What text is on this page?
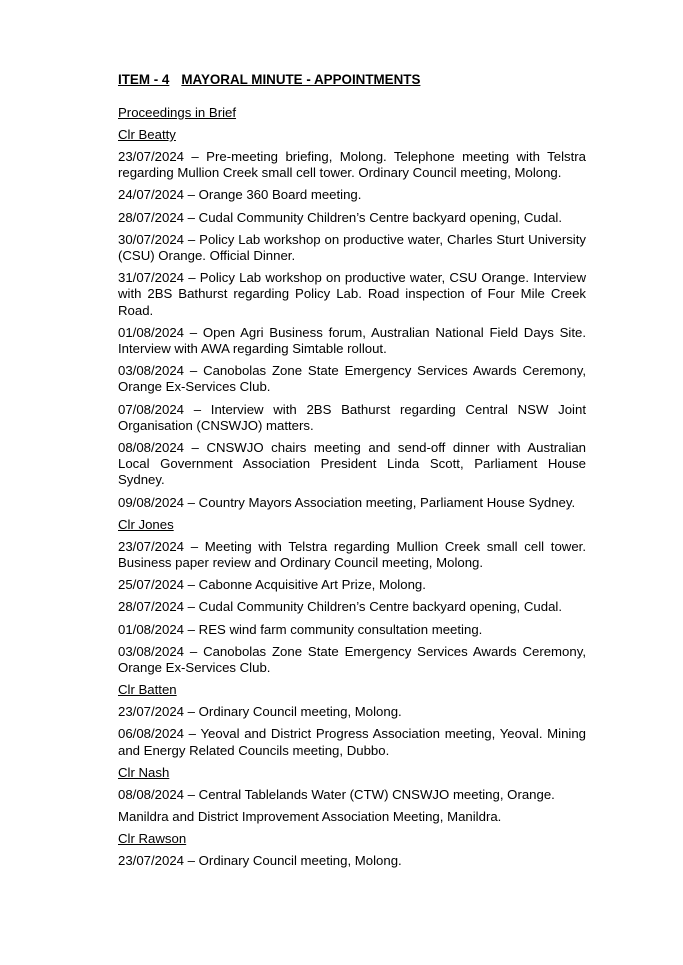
ITEM - 4 MAYORAL MINUTE - APPOINTMENTS
Proceedings in Brief
Clr Beatty
23/07/2024 – Pre-meeting briefing, Molong. Telephone meeting with Telstra regarding Mullion Creek small cell tower. Ordinary Council meeting, Molong.
24/07/2024 – Orange 360 Board meeting.
28/07/2024 – Cudal Community Children’s Centre backyard opening, Cudal.
30/07/2024 – Policy Lab workshop on productive water, Charles Sturt University (CSU) Orange. Official Dinner.
31/07/2024 – Policy Lab workshop on productive water, CSU Orange. Interview with 2BS Bathurst regarding Policy Lab. Road inspection of Four Mile Creek Road.
01/08/2024 – Open Agri Business forum, Australian National Field Days Site. Interview with AWA regarding Simtable rollout.
03/08/2024 – Canobolas Zone State Emergency Services Awards Ceremony, Orange Ex-Services Club.
07/08/2024 – Interview with 2BS Bathurst regarding Central NSW Joint Organisation (CNSWJO) matters.
08/08/2024 – CNSWJO chairs meeting and send-off dinner with Australian Local Government Association President Linda Scott, Parliament House Sydney.
09/08/2024 – Country Mayors Association meeting, Parliament House Sydney.
Clr Jones
23/07/2024 – Meeting with Telstra regarding Mullion Creek small cell tower. Business paper review and Ordinary Council meeting, Molong.
25/07/2024 – Cabonne Acquisitive Art Prize, Molong.
28/07/2024 – Cudal Community Children’s Centre backyard opening, Cudal.
01/08/2024 – RES wind farm community consultation meeting.
03/08/2024 – Canobolas Zone State Emergency Services Awards Ceremony, Orange Ex-Services Club.
Clr Batten
23/07/2024 – Ordinary Council meeting, Molong.
06/08/2024 – Yeoval and District Progress Association meeting, Yeoval. Mining and Energy Related Councils meeting, Dubbo.
Clr Nash
08/08/2024 – Central Tablelands Water (CTW) CNSWJO meeting, Orange.
Manildra and District Improvement Association Meeting, Manildra.
Clr Rawson
23/07/2024 – Ordinary Council meeting, Molong.
